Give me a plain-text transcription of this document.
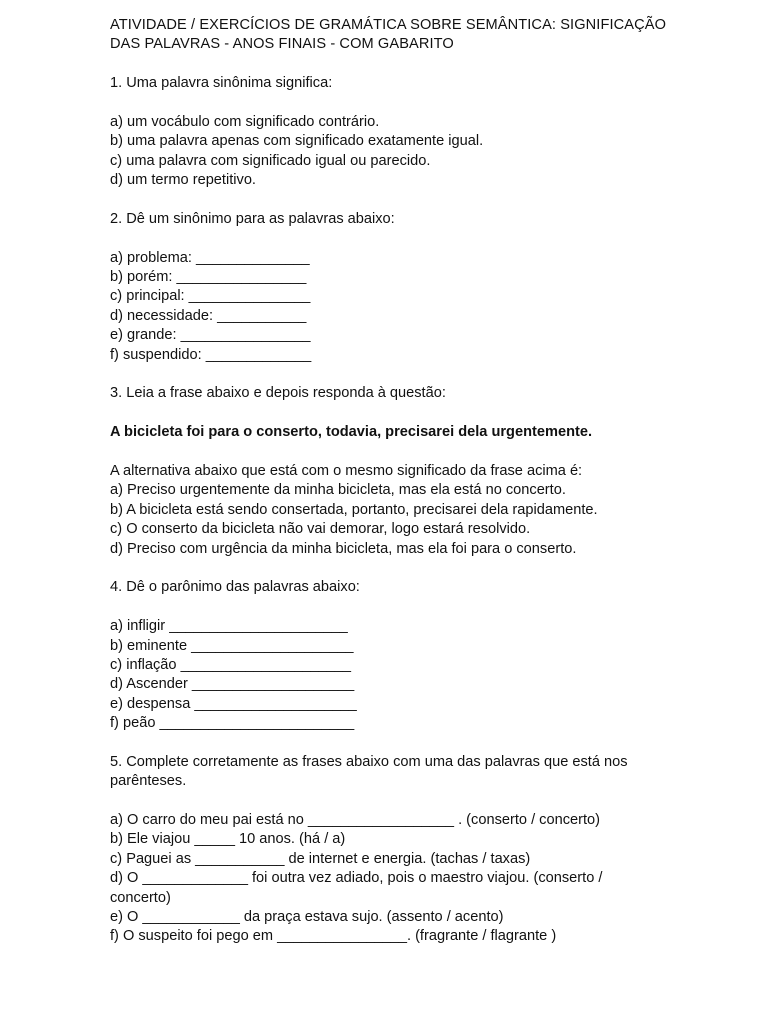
ATIVIDADE / EXERCÍCIOS DE GRAMÁTICA SOBRE SEMÂNTICA: SIGNIFICAÇÃO
DAS PALAVRAS - ANOS FINAIS - COM GABARITO
1. Uma palavra sinônima significa:
a) um vocábulo com significado contrário.
b) uma palavra apenas com significado exatamente igual.
c) uma palavra com significado igual ou parecido.
d) um termo repetitivo.
2. Dê um sinônimo para as palavras abaixo:
a) problema: ______________
b) porém: ________________
c) principal: _______________
d) necessidade: ___________
e) grande: ________________
f) suspendido: _____________
3. Leia a frase abaixo e depois responda à questão:
A bicicleta foi para o conserto, todavia, precisarei dela urgentemente.
A alternativa abaixo que está com o mesmo significado da frase acima é:
a) Preciso urgentemente da minha bicicleta, mas ela está no concerto.
b) A bicicleta está sendo consertada, portanto, precisarei dela rapidamente.
c) O conserto da bicicleta não vai demorar, logo estará resolvido.
d) Preciso com urgência da minha bicicleta, mas ela foi para o conserto.
4. Dê o parônimo das palavras abaixo:
a) infligir ______________________
b) eminente ____________________
c) inflação _____________________
d) Ascender ____________________
e) despensa ____________________
f) peão ________________________
5. Complete corretamente as frases abaixo com uma das palavras que está nos
parênteses.
a) O carro do meu pai está no __________________ . (conserto / concerto)
b) Ele viajou _____ 10 anos. (há / a)
c) Paguei as ___________ de internet e energia. (tachas / taxas)
d) O _____________ foi outra vez adiado, pois o maestro viajou. (conserto /
concerto)
e) O ____________ da praça estava sujo. (assento / acento)
f) O suspeito foi pego em ________________. (fragrante / flagrante )
